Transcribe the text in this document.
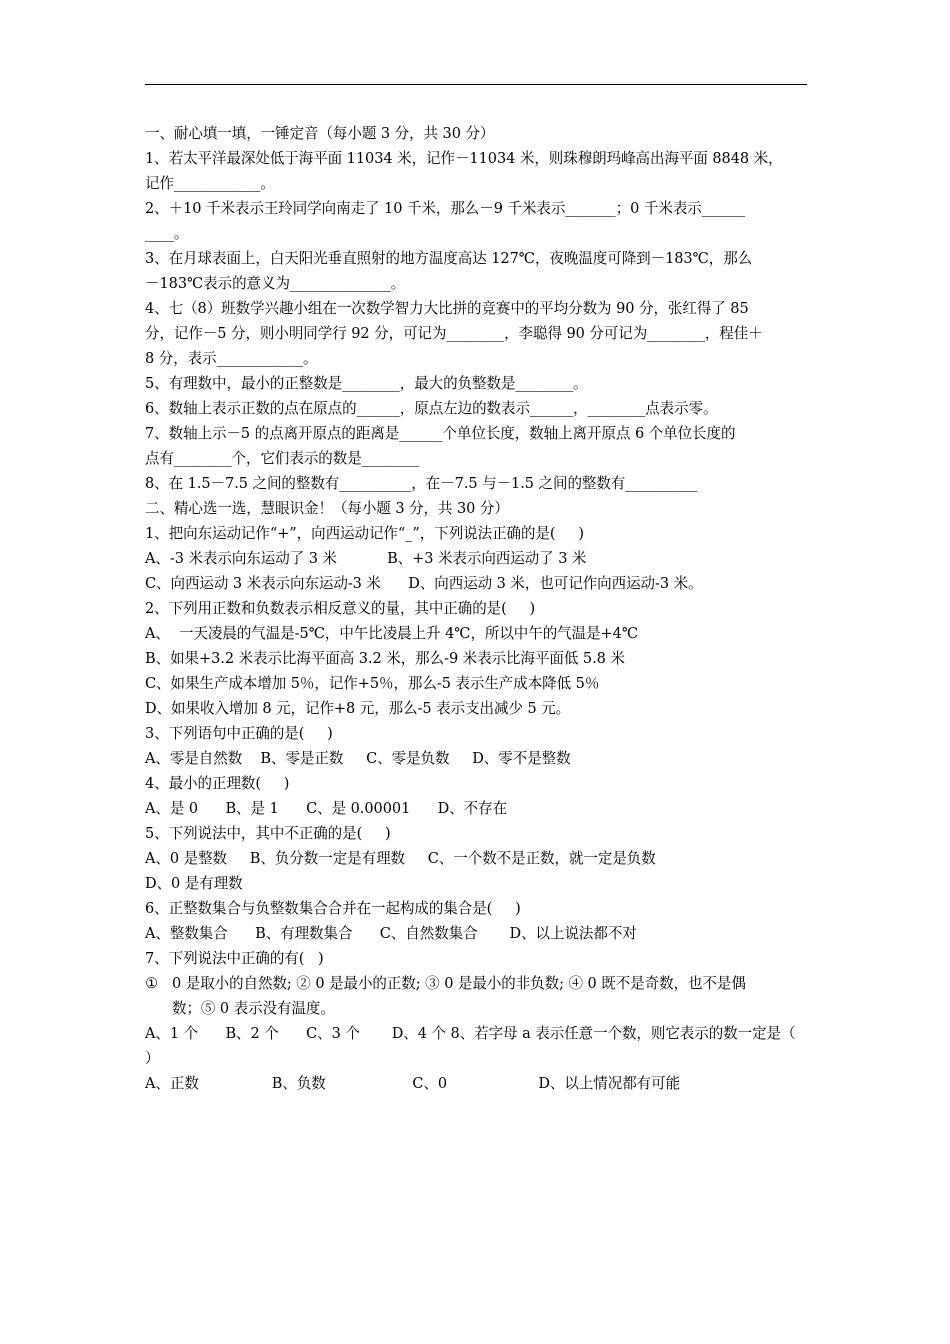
一、耐心填一填，一锤定音（每小题 3 分，共 30 分）
1、若太平洋最深处低于海平面 11034 米，记作－11034 米，则珠穆朗玛峰高出海平面 8848 米，
记作____________。
2、＋10 千米表示王玲同学向南走了 10 千米，那么－9 千米表示_______；0 千米表示______
____。
3、在月球表面上，白天阳光垂直照射的地方温度高达 127℃，夜晚温度可降到－183℃，那么
－183℃表示的意义为______________。
4、七（8）班数学兴趣小组在一次数学智力大比拼的竞赛中的平均分数为 90 分，张红得了 85
分，记作－5 分，则小明同学行 92 分，可记为________，李聪得 90 分可记为________，程佳＋
8 分，表示____________。
5、有理数中，最小的正整数是________，最大的负整数是________。
6、数轴上表示正数的点在原点的______，原点左边的数表示______，________点表示零。
7、数轴上示－5 的点离开原点的距离是______个单位长度，数轴上离开原点 6 个单位长度的
点有________个，它们表示的数是________
8、在 1.5－7.5 之间的整数有__________，在－7.5 与－1.5 之间的整数有__________
二、精心选一选，慧眼识金！（每小题 3 分，共 30 分）
1、把向东运动记作“+”，向西运动记作“_”，下列说法正确的是(     )
A、-3 米表示向东运动了 3 米           B、+3 米表示向西运动了 3 米
C、向西运动 3 米表示向东运动-3 米      D、向西运动 3 米，也可记作向西运动-3 米。
2、下列用正数和负数表示相反意义的量，其中正确的是(     )
A、  一天凌晨的气温是-5℃，中午比凌晨上升 4℃，所以中午的气温是+4℃
B、如果+3.2 米表示比海平面高 3.2 米，那么-9 米表示比海平面低 5.8 米
C、如果生产成本增加 5％，记作+5％，那么-5 表示生产成本降低 5％
D、如果收入增加 8 元，记作+8 元，那么-5 表示支出减少 5 元。
3、下列语句中正确的是(     )
A、零是自然数    B、零是正数     C、零是负数     D、零不是整数
4、最小的正理数(     )
A、是 0      B、是 1      C、是 0.00001      D、不存在
5、下列说法中，其中不正确的是(     )
A、0 是整数     B、负分数一定是有理数     C、一个数不是正数，就一定是负数
D、0 是有理数
6、正整数集合与负整数集合合并在一起构成的集合是(     )
A、整数集合      B、有理数集合      C、自然数集合       D、以上说法都不对
7、下列说法中正确的有(   )
① 0 是取小的自然数; ② 0 是最小的正数; ③ 0 是最小的非负数; ④ 0 既不是奇数，也不是偶
数；⑤ 0 表示没有温度。
A、1 个      B、2 个      C、3 个       D、4 个 8、若字母 a 表示任意一个数，则它表示的数一定是（
）
A、正数                B、负数                   C、0                    D、以上情况都有可能
